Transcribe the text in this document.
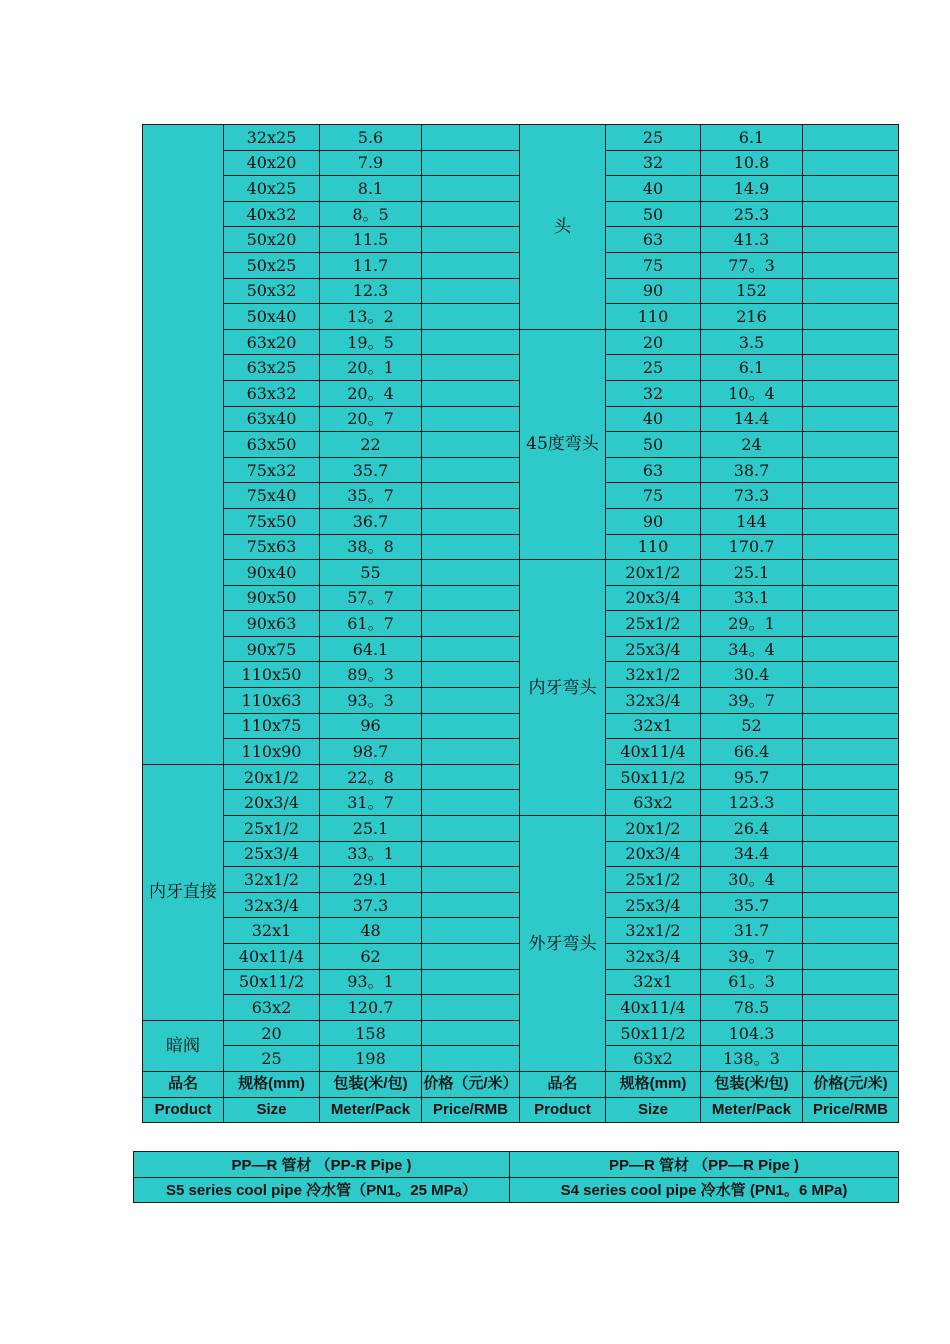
	32x25	5.6		头	25	6.1	
	40x20	7.9			32	10.8	
	40x25	8.1			40	14.9	
	40x32	8。5			50	25.3	
	50x20	11.5			63	41.3	
	50x25	11.7			75	77。3	
	50x32	12.3			90	152	
	50x40	13。2			110	216	
	63x20	19。5		45度弯头	20	3.5	
	63x25	20。1			25	6.1	
	63x32	20。4			32	10。4	
	63x40	20。7			40	14.4	
	63x50	22			50	24	
	75x32	35.7			63	38.7	
	75x40	35。7			75	73.3	
	75x50	36.7			90	144	
	75x63	38。8			110	170.7	
	90x40	55		内牙弯头	20x1/2	25.1	
	90x50	57。7			20x3/4	33.1	
	90x63	61。7			25x1/2	29。1	
	90x75	64.1			25x3/4	34。4	
	110x50	89。3			32x1/2	30.4	
	110x63	93。3			32x3/4	39。7	
	110x75	96			32x1	52	
	110x90	98.7			40x11/4	66.4	
内牙直接	20x1/2	22。8			50x11/2	95.7	
	20x3/4	31。7			63x2	123.3	
	25x1/2	25.1		外牙弯头	20x1/2	26.4	
	25x3/4	33。1			20x3/4	34.4	
	32x1/2	29.1			25x1/2	30。4	
	32x3/4	37.3			25x3/4	35.7	
	32x1	48			32x1/2	31.7	
	40x11/4	62			32x3/4	39。7	
	50x11/2	93。1			32x1	61。3	
	63x2	120.7			40x11/4	78.5	
暗阀	20	158			50x11/2	104.3	
	25	198			63x2	138。3	
品名	规格(mm)	包装(米/包)	价格（元/米）	品名	规格(mm)	包装(米/包)	价格(元/米)
Product	Size	Meter/Pack	Price/RMB	Product	Size	Meter/Pack	Price/RMB
PP—R 管材 （PP-R Pipe )	PP—R 管材 （PP—R Pipe )
S5 series cool pipe 冷水管（PN1。25 MPa）	S4 series cool pipe 冷水管 (PN1。6 MPa)
